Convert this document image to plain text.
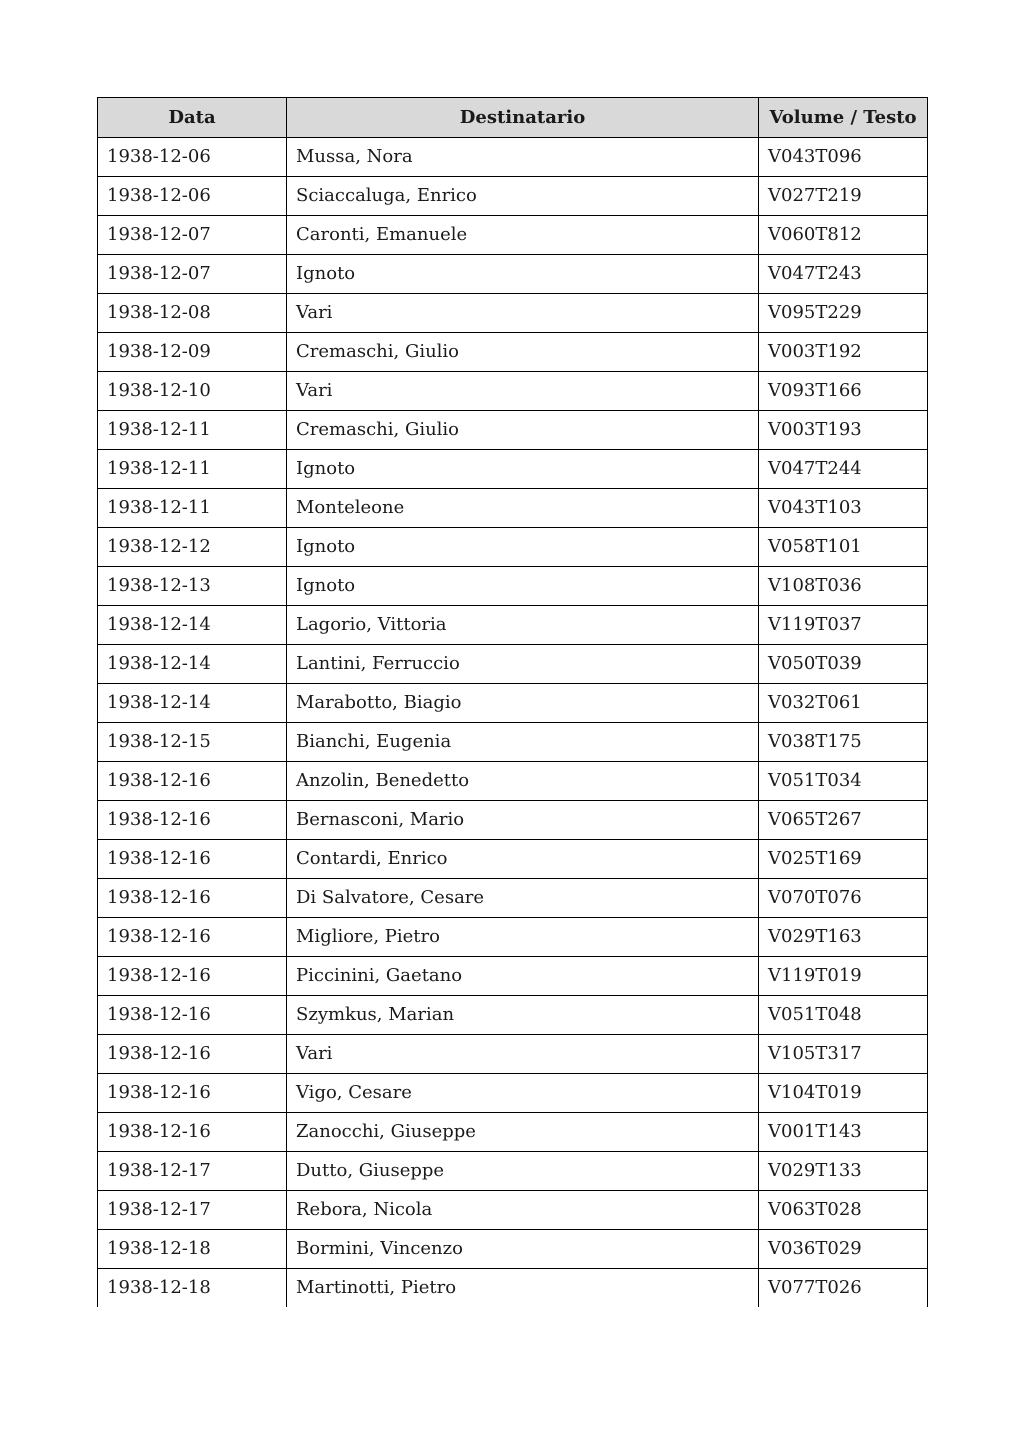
Data	Destinatario	Volume / Testo
1938-12-06	Mussa, Nora	V043T096
1938-12-06	Sciaccaluga, Enrico	V027T219
1938-12-07	Caronti, Emanuele	V060T812
1938-12-07	Ignoto	V047T243
1938-12-08	Vari	V095T229
1938-12-09	Cremaschi, Giulio	V003T192
1938-12-10	Vari	V093T166
1938-12-11	Cremaschi, Giulio	V003T193
1938-12-11	Ignoto	V047T244
1938-12-11	Monteleone	V043T103
1938-12-12	Ignoto	V058T101
1938-12-13	Ignoto	V108T036
1938-12-14	Lagorio, Vittoria	V119T037
1938-12-14	Lantini, Ferruccio	V050T039
1938-12-14	Marabotto, Biagio	V032T061
1938-12-15	Bianchi, Eugenia	V038T175
1938-12-16	Anzolin, Benedetto	V051T034
1938-12-16	Bernasconi, Mario	V065T267
1938-12-16	Contardi, Enrico	V025T169
1938-12-16	Di Salvatore, Cesare	V070T076
1938-12-16	Migliore, Pietro	V029T163
1938-12-16	Piccinini, Gaetano	V119T019
1938-12-16	Szymkus, Marian	V051T048
1938-12-16	Vari	V105T317
1938-12-16	Vigo, Cesare	V104T019
1938-12-16	Zanocchi, Giuseppe	V001T143
1938-12-17	Dutto, Giuseppe	V029T133
1938-12-17	Rebora, Nicola	V063T028
1938-12-18	Bormini, Vincenzo	V036T029
1938-12-18	Martinotti, Pietro	V077T026
